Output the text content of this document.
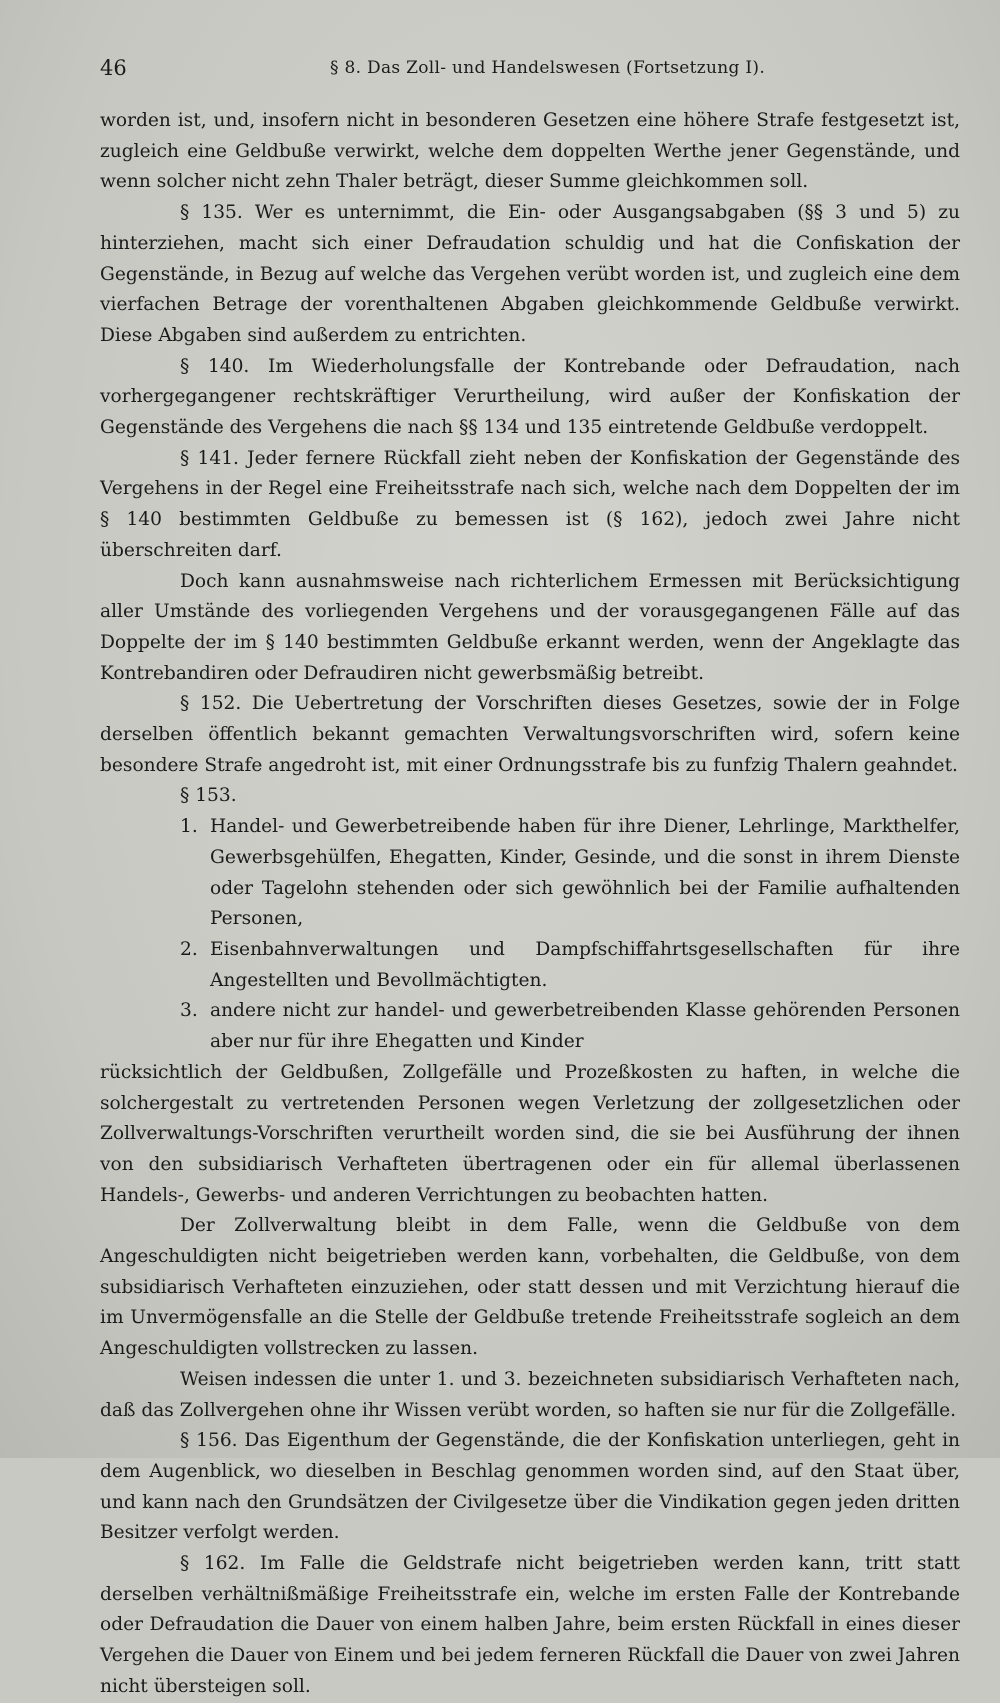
46	§ 8. Das Zoll- und Handelswesen (Fortsetzung I).

worden ist, und, insofern nicht in besonderen Gesetzen eine höhere Strafe festgesetzt ist, zugleich eine Geldbuße verwirkt, welche dem doppelten Werthe jener Gegenstände, und wenn solcher nicht zehn Thaler beträgt, dieser Summe gleichkommen soll.

§ 135. Wer es unternimmt, die Ein- oder Ausgangsabgaben (§§ 3 und 5) zu hinterziehen, macht sich einer Defraudation schuldig und hat die Confiskation der Gegenstände, in Bezug auf welche das Vergehen verübt worden ist, und zugleich eine dem vierfachen Betrage der vorenthaltenen Abgaben gleichkommende Geldbuße verwirkt. Diese Abgaben sind außerdem zu entrichten.

§ 140. Im Wiederholungsfalle der Kontrebande oder Defraudation, nach vorhergegangener rechtskräftiger Verurtheilung, wird außer der Konfiskation der Gegenstände des Vergehens die nach §§ 134 und 135 eintretende Geldbuße verdoppelt.

§ 141. Jeder fernere Rückfall zieht neben der Konfiskation der Gegenstände des Vergehens in der Regel eine Freiheitsstrafe nach sich, welche nach dem Doppelten der im § 140 bestimmten Geldbuße zu bemessen ist (§ 162), jedoch zwei Jahre nicht überschreiten darf.

Doch kann ausnahmsweise nach richterlichem Ermessen mit Berücksichtigung aller Umstände des vorliegenden Vergehens und der vorausgegangenen Fälle auf das Doppelte der im § 140 bestimmten Geldbuße erkannt werden, wenn der Angeklagte das Kontrebandiren oder Defraudiren nicht gewerbsmäßig betreibt.

§ 152. Die Uebertretung der Vorschriften dieses Gesetzes, sowie der in Folge derselben öffentlich bekannt gemachten Verwaltungsvorschriften wird, sofern keine besondere Strafe angedroht ist, mit einer Ordnungsstrafe bis zu funfzig Thalern geahndet.

§ 153.

1. Handel- und Gewerbetreibende haben für ihre Diener, Lehrlinge, Markthelfer, Gewerbsgehülfen, Ehegatten, Kinder, Gesinde, und die sonst in ihrem Dienste oder Tagelohn stehenden oder sich gewöhnlich bei der Familie aufhaltenden Personen,
2. Eisenbahnverwaltungen und Dampfschiffahrtsgesellschaften für ihre Angestellten und Bevollmächtigten.
3. andere nicht zur handel- und gewerbetreibenden Klasse gehörenden Personen aber nur für ihre Ehegatten und Kinder

rücksichtlich der Geldbußen, Zollgefälle und Prozeßkosten zu haften, in welche die solchergestalt zu vertretenden Personen wegen Verletzung der zollgesetzlichen oder Zollverwaltungs-Vorschriften verurtheilt worden sind, die sie bei Ausführung der ihnen von den subsidiarisch Verhafteten übertragenen oder ein für allemal überlassenen Handels-, Gewerbs- und anderen Verrichtungen zu beobachten hatten.

Der Zollverwaltung bleibt in dem Falle, wenn die Geldbuße von dem Angeschuldigten nicht beigetrieben werden kann, vorbehalten, die Geldbuße, von dem subsidiarisch Verhafteten einzuziehen, oder statt dessen und mit Verzichtung hierauf die im Unvermögensfalle an die Stelle der Geldbuße tretende Freiheitsstrafe sogleich an dem Angeschuldigten vollstrecken zu lassen.

Weisen indessen die unter 1. und 3. bezeichneten subsidiarisch Verhafteten nach, daß das Zollvergehen ohne ihr Wissen verübt worden, so haften sie nur für die Zollgefälle.

§ 156. Das Eigenthum der Gegenstände, die der Konfiskation unterliegen, geht in dem Augenblick, wo dieselben in Beschlag genommen worden sind, auf den Staat über, und kann nach den Grundsätzen der Civilgesetze über die Vindikation gegen jeden dritten Besitzer verfolgt werden.

§ 162. Im Falle die Geldstrafe nicht beigetrieben werden kann, tritt statt derselben verhältnißmäßige Freiheitsstrafe ein, welche im ersten Falle der Kontrebande oder Defraudation die Dauer von einem halben Jahre, beim ersten Rückfall in eines dieser Vergehen die Dauer von Einem und bei jedem ferneren Rückfall die Dauer von zwei Jahren nicht übersteigen soll.
